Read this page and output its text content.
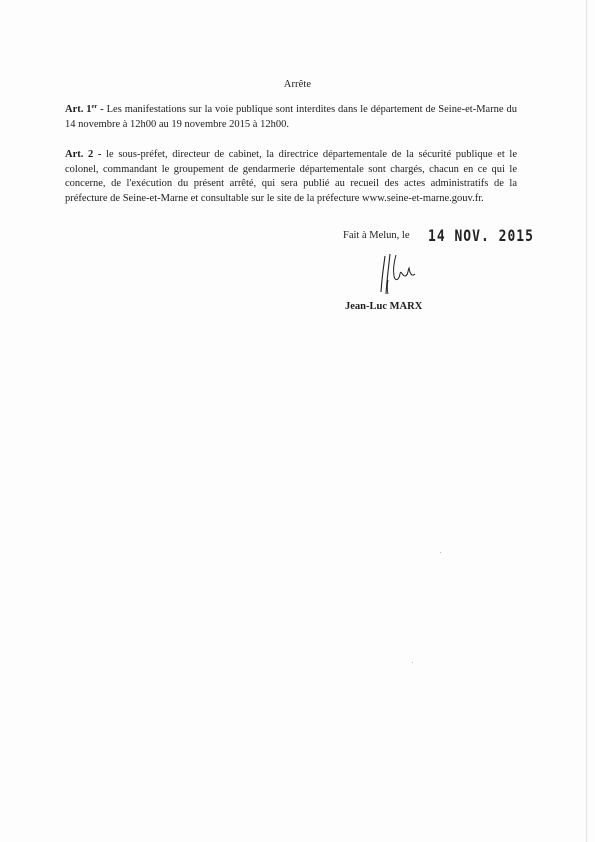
Arrête
Art. 1er - Les manifestations sur la voie publique sont interdites dans le département de Seine-et-Marne du 14 novembre à 12h00 au 19 novembre 2015 à 12h00.
Art. 2 - le sous-préfet, directeur de cabinet, la directrice départementale de la sécurité publique et le colonel, commandant le groupement de gendarmerie départementale sont chargés, chacun en ce qui le concerne, de l'exécution du présent arrêté, qui sera publié au recueil des actes administratifs de la préfecture de Seine-et-Marne et consultable sur le site de la préfecture www.seine-et-marne.gouv.fr.
Fait à Melun, le 14 NOV. 2015
Jean-Luc MARX
